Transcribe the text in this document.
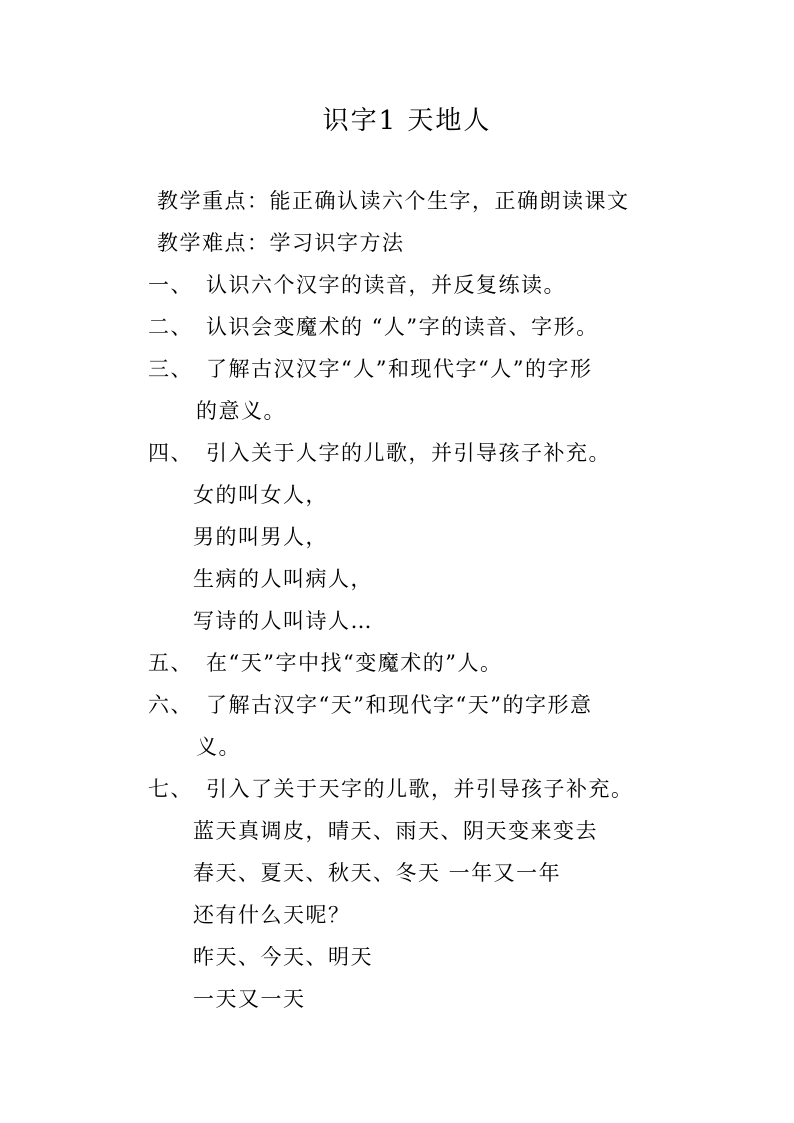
识字1 天地人
教学重点：能正确认读六个生字，正确朗读课文
教学难点：学习识字方法
一、 认识六个汉字的读音，并反复练读。
二、 认识会变魔术的 “人”字的读音、字形。
三、 了解古汉汉字“人”和现代字“人”的字形
的意义。
四、 引入关于人字的儿歌，并引导孩子补充。
女的叫女人，
男的叫男人，
生病的人叫病人，
写诗的人叫诗人…
五、 在“天”字中找“变魔术的”人。
六、 了解古汉字“天”和现代字“天”的字形意
义。
七、 引入了关于天字的儿歌，并引导孩子补充。
蓝天真调皮，晴天、雨天、阴天变来变去
春天、夏天、秋天、冬天 一年又一年
还有什么天呢？
昨天、今天、明天
一天又一天
